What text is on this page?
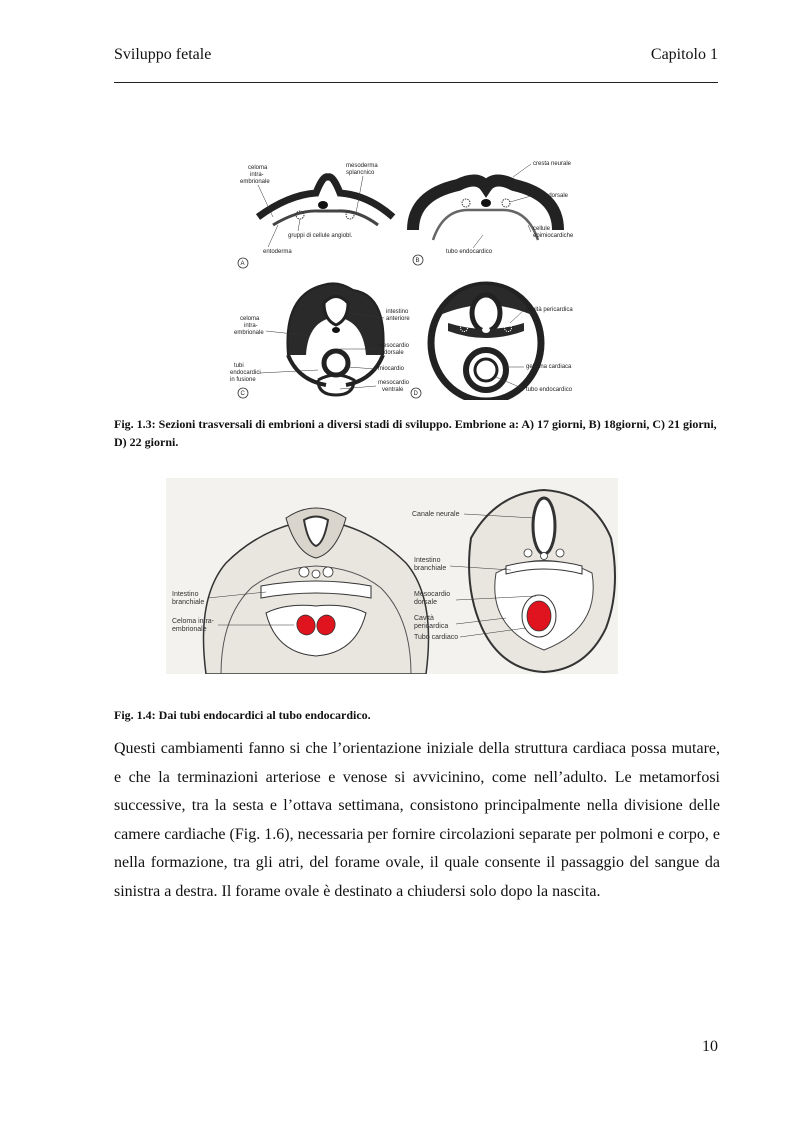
Sviluppo fetale	Capitolo 1
A
celoma
intra-
embrionale
mesoderma
splancnico
gruppi di cellule angiobl.
entoderma
B
cresta neurale
aorta dorsale
cellule
epimiocardiche
tubo endocardico
C
celoma
intra-
embrionale
intestino
anteriore
mesocardio
dorsale
tubi
endocardici
in fusione
miocardio
mesocardio
ventrale
D
cavità pericardica
gelatina cardiaca
tubo endocardico
Fig. 1.3: Sezioni trasversali di embrioni a diversi stadi di sviluppo. Embrione a: A) 17 giorni, B) 18giorni, C) 21 giorni, D) 22 giorni.
Intestino
branchiale
Celoma intra-
embrionale
Canale neurale
Intestino
branchiale
Mesocardio
dorsale
Cavità
pericardica
Tubo cardiaco
Fig. 1.4: Dai tubi endocardici al tubo endocardico.
Questi cambiamenti fanno si che l’orientazione iniziale della struttura cardiaca possa mutare, e che la terminazioni arteriose e venose si avvicinino, come nell’adulto. Le metamorfosi successive, tra la sesta e l’ottava settimana, consistono principalmente nella divisione delle camere cardiache (Fig. 1.6), necessaria per fornire circolazioni separate per polmoni e corpo, e nella formazione, tra gli atri, del forame ovale, il quale consente il passaggio del sangue da sinistra a destra. Il forame ovale è destinato a chiudersi solo dopo la nascita.
10
